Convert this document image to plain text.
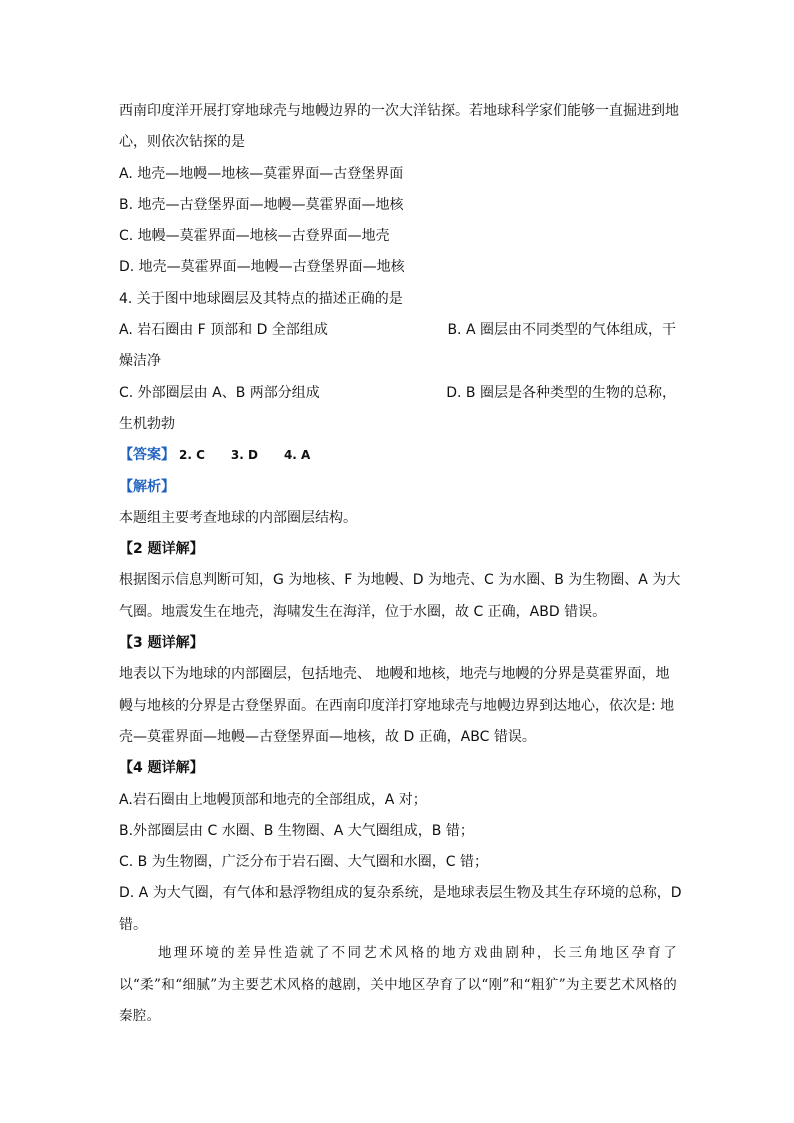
西南印度洋开展打穿地球壳与地幔边界的一次大洋钻探。若地球科学家们能够一直掘进到地
心，则依次钻探的是
A. 地壳—地幔—地核—莫霍界面—古登堡界面
B. 地壳—古登堡界面—地幔—莫霍界面—地核
C. 地幔—莫霍界面—地核—古登界面—地壳
D. 地壳—莫霍界面—地幔—古登堡界面—地核
4. 关于图中地球圈层及其特点的描述正确的是
A. 岩石圈由 F 顶部和 D 全部组成	B. A 圈层由不同类型的气体组成，干
燥洁净
C. 外部圈层由 A、B 两部分组成	D. B 圈层是各种类型的生物的总称，
生机勃勃
【答案】 2. C 3. D 4. A
【解析】
本题组主要考查地球的内部圈层结构。
【2 题详解】
根据图示信息判断可知，G 为地核、F 为地幔、D 为地壳、C 为水圈、B 为生物圈、A 为大
气圈。地震发生在地壳，海啸发生在海洋，位于水圈，故 C 正确，ABD 错误。
【3 题详解】
地表以下为地球的内部圈层，包括地壳、 地幔和地核，地壳与地幔的分界是莫霍界面，地
幔与地核的分界是古登堡界面。在西南印度洋打穿地球壳与地幔边界到达地心，依次是: 地
壳—莫霍界面—地幔—古登堡界面—地核，故 D 正确，ABC 错误。
【4 题详解】
A.岩石圈由上地幔顶部和地壳的全部组成，A 对；
B.外部圈层由 C 水圈、B 生物圈、A 大气圈组成，B 错；
C. B 为生物圈，广泛分布于岩石圈、大气圈和水圈，C 错；
D. A 为大气圈，有气体和悬浮物组成的复杂系统，是地球表层生物及其生存环境的总称，D
错。
地理环境的差异性造就了不同艺术风格的地方戏曲剧种，长三角地区孕育了以“柔”和“细腻”为主要艺术风格的越剧，关中地区孕育了以“刚”和“粗犷”为主要艺术风格的秦腔。
